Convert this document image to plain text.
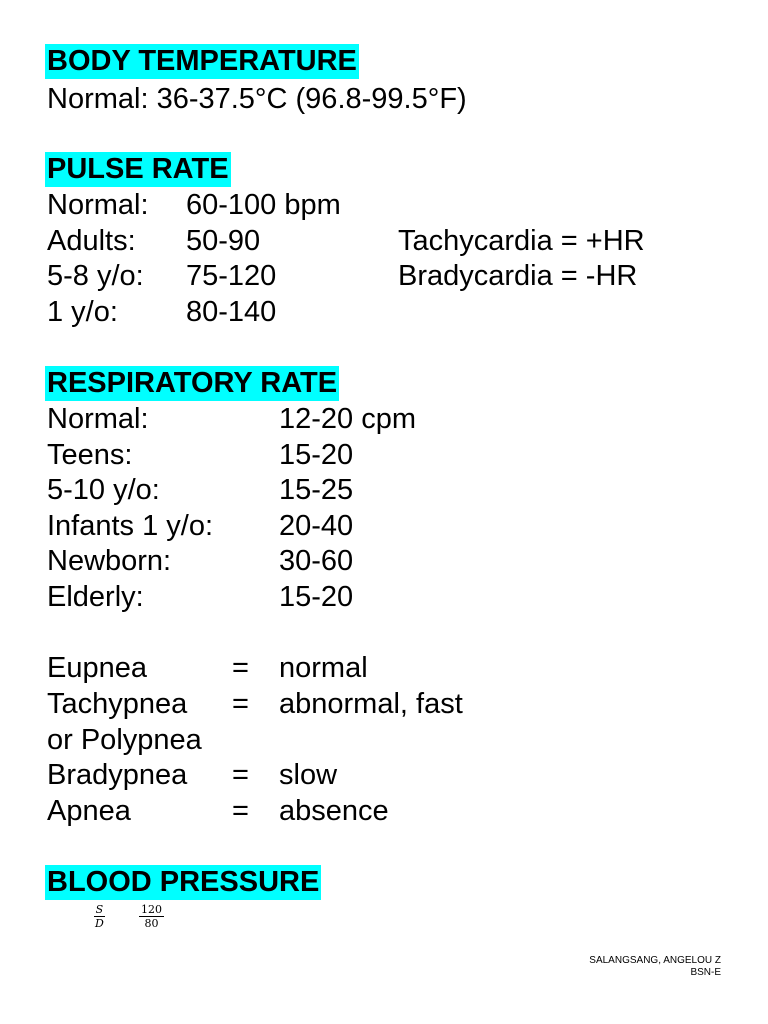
BODY TEMPERATURE
Normal: 36-37.5°C (96.8-99.5°F)
PULSE RATE
Normal: 60-100 bpm
Adults: 50-90	Tachycardia = +HR
5-8 y/o: 75-120	Bradycardia = -HR
1 y/o: 80-140
RESPIRATORY RATE
Normal:	12-20 cpm
Teens:	15-20
5-10 y/o:	15-25
Infants 1 y/o: 20-40
Newborn:	30-60
Elderly:	15-20
Eupnea	= normal
Tachypnea = abnormal, fast
or Polypnea
Bradypnea = slow
Apnea	= absence
BLOOD PRESSURE
$\frac{S}{D}$	$\frac{120}{80}$
SALANGSANG, ANGELOU Z
BSN-E
